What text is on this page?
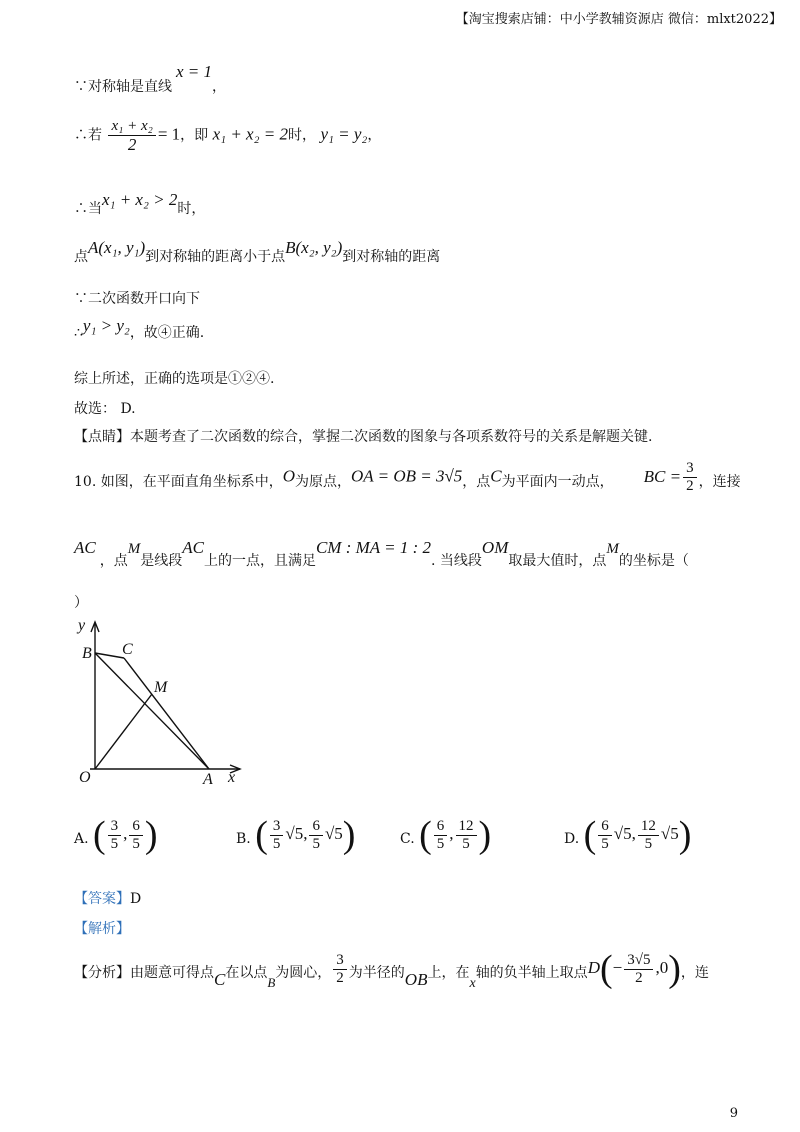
【淘宝搜索店铺：中小学教辅资源店 微信：mlxt2022】
∵对称轴是直线x = 1，
∴若 $\frac{\text{x₁ + x₂}}{2} = 1$，即 x₁ + x₂ = 2时， y₁ = y₂，
∴当x₁ + x₂ > 2时，
点A(x₁, y₁)到对称轴的距离小于点B(x₂, y₂)到对称轴的距离
∵二次函数开口向下
∴y₁ > y₂，故④正确.
综上所述，正确的选项是①②④.
故选： D.
【点睛】本题考查了二次函数的综合，掌握二次函数的图象与各项系数符号的关系是解题关键.
10. 如图，在平面直角坐标系中，O为原点，OA = OB = 3√5，点C为平面内一动点， BC = $\frac{3}{2}$ ，连接
AC，点M是线段AC上的一点，且满足CM : MA = 1 : 2. 当线段OM取最大值时，点M的坐标是（
）
y
B C
M
O	A x
A. ( $\frac{3}{5}$ , $\frac{6}{5}$ )	B. ( $\frac{3}{5} √5$, $\frac{6}{5} √5$)	C. ( $\frac{6}{5}$ , $\frac{12}{5}$ )	D. ( $\frac{6}{5} √5$, $\frac{12}{5} √5$)
【答案】D
【解析】
【分析】由题意可得点C在以点B为圆心， $\frac{3}{2}$ 为半径的OB上，在x轴的负半轴上取点$D(- \frac{3√5}{2} ,0)$，连
9
